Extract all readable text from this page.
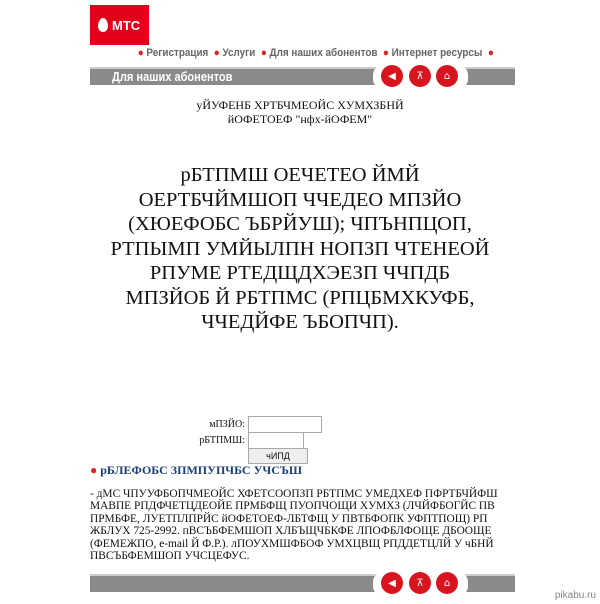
МТС
● Регистрация ● Услуги ● Для наших абонентов ● Интернет ресурсы ●
Для наших абонентов	◀	⊼	⌂
уЙУФЕНБ ХРТБЧМЕОЙС ХУМХЗБНЙ
йОФЕТОЕФ "нфх-йОФЕМ"
рБТПМШ ОЕЧЕТЕО ЙМЙ ОЕРТБЧЙМШОП ЧЧЕДЕО МПЗЙО (ХЮЕФОБС ЪБРЙУШ); ЧПЪНПЦОП, РТПЫМП УМЙЫЛПН НОПЗП ЧТЕНЕОЙ РПУМЕ РТЕДЩДХЭЕЗП ЧЧПДБ МПЗЙОБ Й РБТПМС (РПЦБМХКУФБ, ЧЧЕДЙФЕ ЪБОПЧП).
мПЗЙО:
рБТПМШ:
чИПД
● рБЛЕФОБС ЗПМПУПЧБС УЧСЪШ
- дМС ЧПУУФБОПЧМЕОЙС ХФЕТСООПЗП РБТПМС УМЕДХЕФ ПФРТБЧЙФШ МАВПЕ РПДФЧЕТЦДЕОЙЕ ПРМБФЩ ПУОПЧОЩИ ХУМХЗ (ЛЧЙФБОГЙС ПВ ПРМБФЕ, ЛУЕТПЛПРЙС йОФЕТОЕФ-ЛБТФЩ У ПВТБФОПК УФПТПОЩ) РП ЖБЛУХ 725-2992. пВСЪБФЕМШОП ХЛБЪЩЧБКФЕ ЛПОФБЛФОЩЕ ДБООЩЕ (ФЕМЕЖПО, e-mail Й Ф.Р.). лПОУХМШФБОФ УМХЦВЩ РПДДЕТЦЛЙ У чБНЙ ПВСЪБФЕМШОП УЧСЦЕФУС.
◀	⊼	⌂
pikabu.ru
